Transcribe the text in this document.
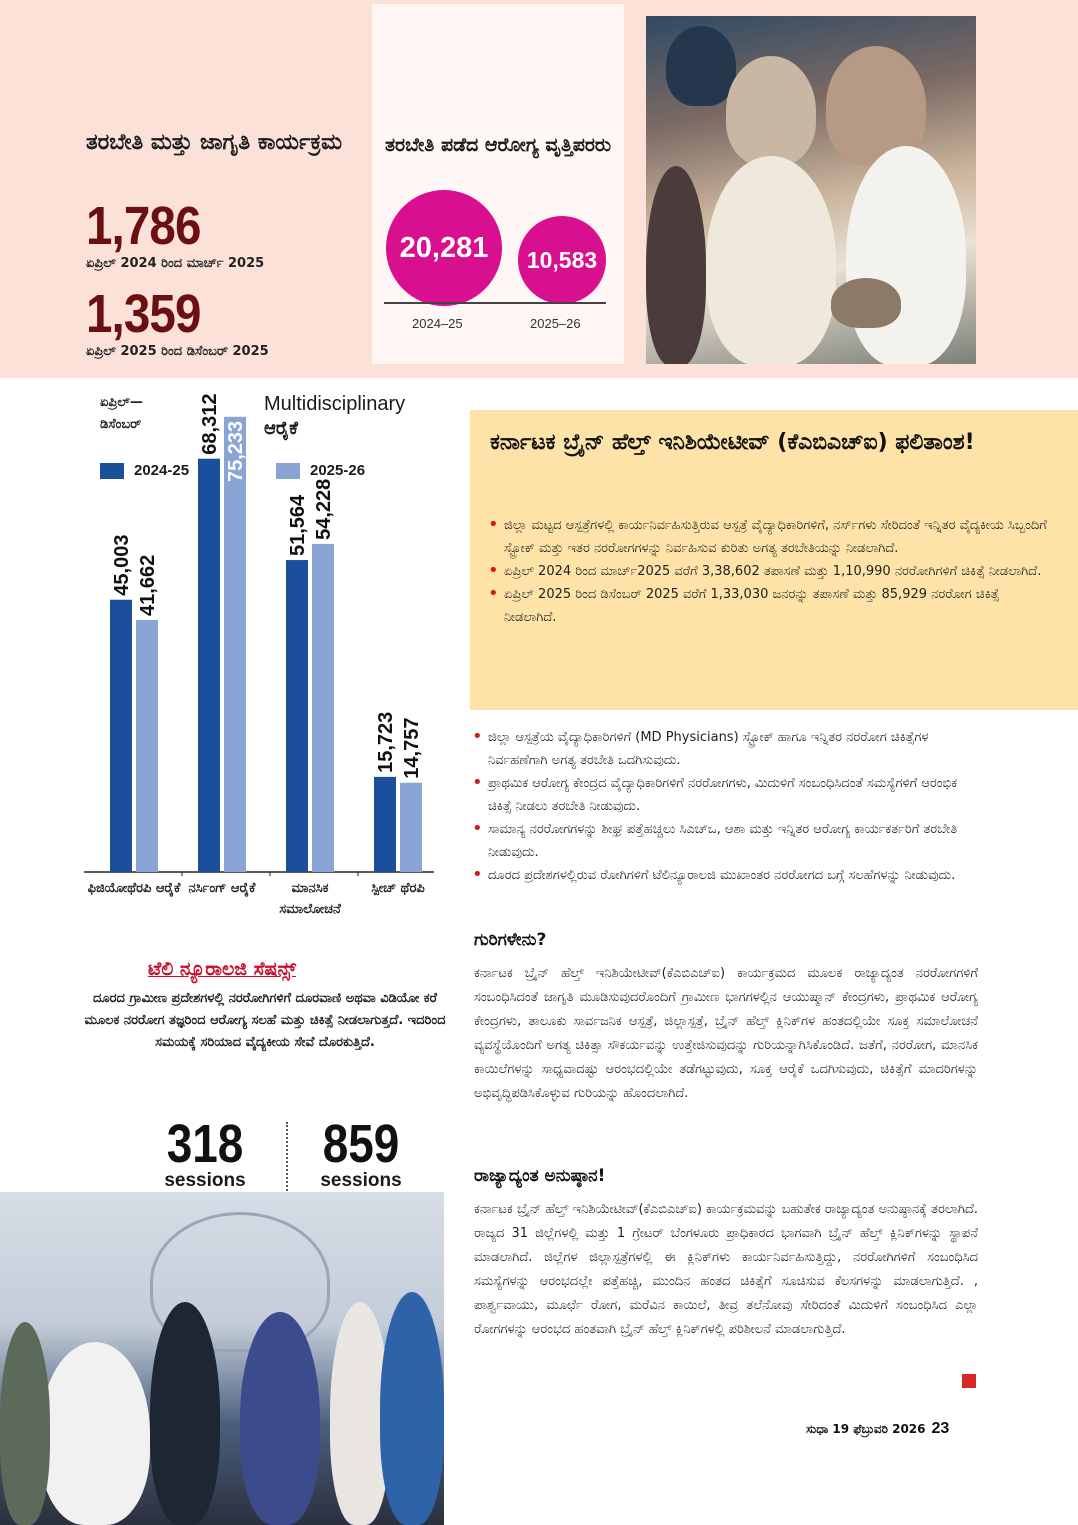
ತರಬೇತಿ ಮತ್ತು ಜಾಗೃತಿ ಕಾರ್ಯಕ್ರಮ
1,786
ಏಪ್ರಿಲ್ 2024 ರಿಂದ ಮಾರ್ಚ್ 2025
1,359
ಏಪ್ರಿಲ್ 2025 ರಿಂದ ಡಿಸೆಂಬರ್ 2025
ತರಬೇತಿ ಪಡೆದ ಆರೋಗ್ಯ ವೃತ್ತಿಪರರು
20,281	10,583
2024–25	2025–26
45,003
68,312
51,564
15,723
41,662
75,233
54,228
14,757
ಏಪ್ರಿಲ್— ಡಿಸೆಂಬರ್
Multidisciplinary
ಆರೈಕೆ
2024-25	2025-26
ಫಿಜಿಯೋಥೆರಪಿ ಆರೈಕೆ ನರ್ಸಿಂಗ್ ಆರೈಕೆ	ಮಾನಸಿಕ ಸಮಾಲೋಚನೆ
ಸ್ಪೀಚ್ ಥೆರಪಿ
ಟೆಲಿ ನ್ಯೂರಾಲಜಿ ಸೆಷನ್ಸ್
ದೂರದ ಗ್ರಾಮೀಣ ಪ್ರದೇಶಗಳಲ್ಲಿ ನರರೋಗಿಗಳಿಗೆ ದೂರವಾಣಿ ಅಥವಾ ವಿಡಿಯೋ ಕರೆ ಮೂಲಕ ನರರೋಗ ತಜ್ಞರಿಂದ ಆರೋಗ್ಯ ಸಲಹೆ ಮತ್ತು ಚಿಕಿತ್ಸೆ ನೀಡಲಾಗುತ್ತದೆ. ಇದರಿಂದ ಸಮಯಕ್ಕೆ ಸರಿಯಾದ ವೈದ್ಯಕೀಯ ಸೇವೆ ದೊರಕುತ್ತಿದೆ.
318
sessions
859
sessions
ಕರ್ನಾಟಕ ಬ್ರೈನ್ ಹೆಲ್ತ್ ಇನಿಶಿಯೇಟೀವ್ (ಕೆಎಬಿಎಚ್ಐ) ಫಲಿತಾಂಶ!
• ಜಿಲ್ಲಾ ಮಟ್ಟದ ಆಸ್ಪತ್ರೆಗಳಲ್ಲಿ ಕಾರ್ಯನಿರ್ವಹಿಸುತ್ತಿರುವ ಆಸ್ಪತ್ರೆ ವೈದ್ಯಾಧಿಕಾರಿಗಳಿಗೆ, ನರ್ಸ್‌ಗಳು ಸೇರಿದಂತೆ ಇನ್ನಿತರ ವೈದ್ಯಕೀಯ ಸಿಬ್ಬಂದಿಗೆ ಸ್ಟ್ರೋಕ್ ಮತ್ತು ಇತರ ನರರೋಗಗಳನ್ನು ನಿರ್ವಹಿಸುವ ಕುರಿತು ಅಗತ್ಯ ತರಬೇತಿಯನ್ನು ನೀಡಲಾಗಿದೆ.
• ಏಪ್ರಿಲ್ 2024 ರಿಂದ ಮಾರ್ಚ್2025 ವರೆಗೆ 3,38,602 ತಪಾಸಣೆ ಮತ್ತು 1,10,990 ನರರೋಗಿಗಳಿಗೆ ಚಿಕಿತ್ಸೆ ನೀಡಲಾಗಿದೆ.
• ಏಪ್ರಿಲ್ 2025 ರಿಂದ ಡಿಸೆಂಬರ್ 2025 ವರೆಗೆ 1,33,030 ಜನರನ್ನು ತಪಾಸಣೆ ಮತ್ತು 85,929 ನರರೋಗ ಚಿಕಿತ್ಸೆ ನೀಡಲಾಗಿದೆ.
• ಜಿಲ್ಲಾ ಆಸ್ಪತ್ರೆಯ ವೈದ್ಯಾಧಿಕಾರಿಗಳಿಗೆ (MD Physicians) ಸ್ಟ್ರೋಕ್ ಹಾಗೂ ಇನ್ನಿತರ ನರರೋಗ ಚಿಕಿತ್ಸೆಗಳ ನಿರ್ವಹಣೆಗಾಗಿ ಅಗತ್ಯ ತರಬೇತಿ ಒದಗಿಸುವುದು.
• ಪ್ರಾಥಮಿಕ ಆರೋಗ್ಯ ಕೇಂದ್ರದ ವೈದ್ಯಾಧಿಕಾರಿಗಳಿಗೆ ನರರೋಗಗಳು, ಮಿದುಳಿಗೆ ಸಂಬಂಧಿಸಿದಂತೆ ಸಮಸ್ಯೆಗಳಿಗೆ ಆರಂಭಿಕ ಚಿಕಿತ್ಸೆ ನೀಡಲು ತರಬೇತಿ ನೀಡುವುದು.
• ಸಾಮಾನ್ಯ ನರರೋಗಗಳನ್ನು ಶೀಘ್ರ ಪತ್ತೆಹಚ್ಚಲು ಸಿಎಚ್‌ಒ, ಆಶಾ ಮತ್ತು ಇನ್ನಿತರ ಆರೋಗ್ಯ ಕಾರ್ಯಕರ್ತರಿಗೆ ತರಬೇತಿ ನೀಡುವುದು.
• ದೂರದ ಪ್ರದೇಶಗಳಲ್ಲಿರುವ ರೋಗಿಗಳಿಗೆ ಟೆಲಿನ್ಯೂರಾಲಜಿ ಮುಖಾಂತರ ನರರೋಗದ ಬಗ್ಗೆ ಸಲಹೆಗಳನ್ನು ನೀಡುವುದು.
ಗುರಿಗಳೇನು?
ಕರ್ನಾಟಕ ಬ್ರೈನ್ ಹೆಲ್ತ್ ಇನಿಶಿಯೇಟೀವ್(ಕೆಎಬಿಎಚ್ಐ) ಕಾರ್ಯಕ್ರಮದ ಮೂಲಕ ರಾಜ್ಯಾದ್ಯಂತ ನರರೋಗಗಳಿಗೆ ಸಂಬಂಧಿಸಿದಂತೆ ಜಾಗೃತಿ ಮೂಡಿಸುವುದರೊಂದಿಗೆ ಗ್ರಾಮೀಣ ಭಾಗಗಳಲ್ಲಿನ ಆಯುಷ್ಮಾನ್ ಕೇಂದ್ರಗಳು, ಪ್ರಾಥಮಿಕ ಆರೋಗ್ಯ ಕೇಂದ್ರಗಳು, ತಾಲೂಕು ಸಾರ್ವಜನಿಕ ಆಸ್ಪತ್ರೆ, ಜಿಲ್ಲಾಸ್ಪತ್ರೆ, ಬ್ರೈನ್ ಹೆಲ್ತ್ ಕ್ಲಿನಿಕ್‌ಗಳ ಹಂತದಲ್ಲಿಯೇ ಸೂಕ್ತ ಸಮಾಲೋಚನೆ ವ್ಯವಸ್ಥೆಯೊಂದಿಗೆ ಅಗತ್ಯ ಚಿಕಿತ್ಸಾ ಸೌಕರ್ಯವನ್ನು ಉತ್ತೇಜಿಸುವುದನ್ನು ಗುರಿಯನ್ನಾಗಿಸಿಕೊಂಡಿದೆ. ಜತೆಗೆ, ನರರೋಗ, ಮಾನಸಿಕ ಕಾಯಿಲೆಗಳನ್ನು ಸಾಧ್ಯವಾದಷ್ಟು ಆರಂಭದಲ್ಲಿಯೇ ತಡೆಗಟ್ಟುವುದು, ಸೂಕ್ತ ಆರೈಕೆ ಒದಗಿಸುವುದು, ಚಿಕಿತ್ಸೆಗೆ ಮಾದರಿಗಳನ್ನು ಅಭಿವೃದ್ಧಿಪಡಿಸಿಕೊಳ್ಳುವ ಗುರಿಯನ್ನು ಹೊಂದಲಾಗಿದೆ.
ರಾಜ್ಯಾದ್ಯಂತ ಅನುಷ್ಠಾನ!
ಕರ್ನಾಟಕ ಬ್ರೈನ್ ಹೆಲ್ತ್ ಇನಿಶಿಯೇಟೀವ್(ಕೆಎಬಿಎಚ್ಐ) ಕಾರ್ಯಕ್ರಮವನ್ನು ಬಹುತೇಕ ರಾಜ್ಯಾದ್ಯಂತ ಅನುಷ್ಠಾನಕ್ಕೆ ತರಲಾಗಿದೆ. ರಾಜ್ಯದ 31 ಜಿಲ್ಲೆಗಳಲ್ಲಿ ಮತ್ತು 1 ಗ್ರೇಟರ್ ಬೆಂಗಳೂರು ಪ್ರಾಧಿಕಾರದ ಭಾಗವಾಗಿ ಬ್ರೈನ್ ಹೆಲ್ತ್ ಕ್ಲಿನಿಕ್‌ಗಳನ್ನು ಸ್ಥಾಪನೆ ಮಾಡಲಾಗಿದೆ. ಜಿಲ್ಲೆಗಳ ಜಿಲ್ಲಾಸ್ಪತ್ರೆಗಳಲ್ಲಿ ಈ ಕ್ಲಿನಿಕ್‌ಗಳು ಕಾರ್ಯನಿರ್ವಹಿಸುತ್ತಿದ್ದು, ನರರೋಗಿಗಳಿಗೆ ಸಂಬಂಧಿಸಿದ ಸಮಸ್ಯೆಗಳನ್ನು ಆರಂಭದಲ್ಲೇ ಪತ್ತೆಹಚ್ಚಿ, ಮುಂದಿನ ಹಂತದ ಚಿಕಿತ್ಸೆಗೆ ಸೂಚಿಸುವ ಕೆಲಸಗಳನ್ನು ಮಾಡಲಾಗುತ್ತಿದೆ. , ಪಾರ್ಶ್ವವಾಯು, ಮೂರ್ಛೆ ರೋಗ, ಮರೆವಿನ ಕಾಯಿಲೆ, ತೀವ್ರ ತಲೆನೋವು ಸೇರಿದಂತೆ ಮಿದುಳಿಗೆ ಸಂಬಂಧಿಸಿದ ಎಲ್ಲಾ ರೋಗಗಳನ್ನು ಆರಂಭದ ಹಂತವಾಗಿ ಬ್ರೈನ್ ಹೆಲ್ತ್ ಕ್ಲಿನಿಕ್‌ಗಳಲ್ಲಿ ಪರಿಶೀಲನೆ ಮಾಡಲಾಗುತ್ತಿದೆ.
ಸುಧಾ 19 ಫೆಬ್ರುವರಿ 2026 23
